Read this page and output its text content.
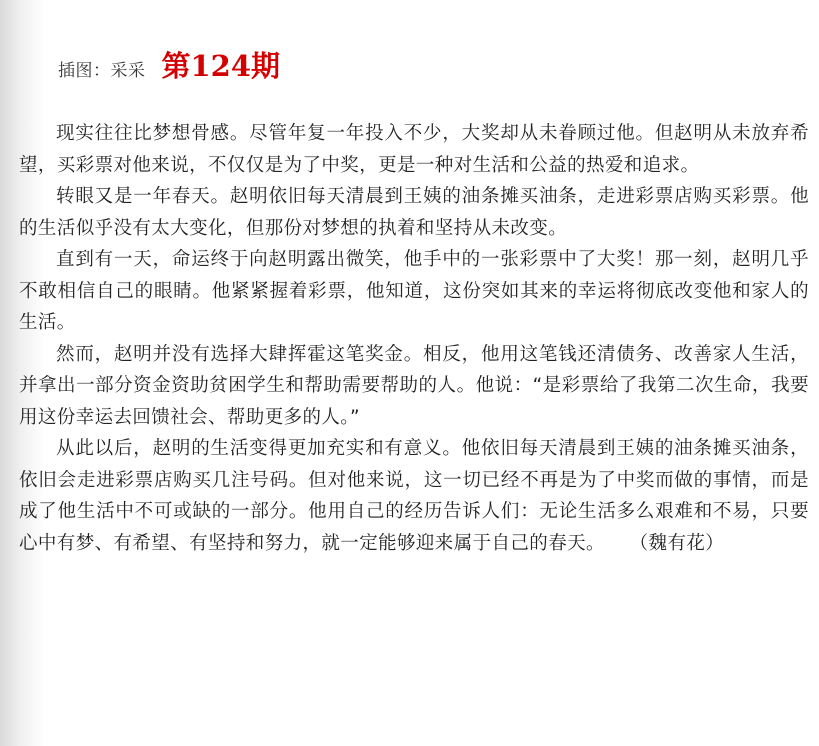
插图：采采 第124期

现实往往比梦想骨感。尽管年复一年投入不少，大奖却从未眷顾过他。但赵明从未放弃希望，买彩票对他来说，不仅仅是为了中奖，更是一种对生活和公益的热爱和追求。

转眼又是一年春天。赵明依旧每天清晨到王姨的油条摊买油条，走进彩票店购买彩票。他的生活似乎没有太大变化，但那份对梦想的执着和坚持从未改变。

直到有一天，命运终于向赵明露出微笑，他手中的一张彩票中了大奖！那一刻，赵明几乎不敢相信自己的眼睛。他紧紧握着彩票，他知道，这份突如其来的幸运将彻底改变他和家人的生活。

然而，赵明并没有选择大肆挥霍这笔奖金。相反，他用这笔钱还清债务、改善家人生活，并拿出一部分资金资助贫困学生和帮助需要帮助的人。他说：“是彩票给了我第二次生命，我要用这份幸运去回馈社会、帮助更多的人。”

从此以后，赵明的生活变得更加充实和有意义。他依旧每天清晨到王姨的油条摊买油条，依旧会走进彩票店购买几注号码。但对他来说，这一切已经不再是为了中奖而做的事情，而是成了他生活中不可或缺的一部分。他用自己的经历告诉人们：无论生活多么艰难和不易，只要心中有梦、有希望、有坚持和努力，就一定能够迎来属于自己的春天。 （魏有花）
